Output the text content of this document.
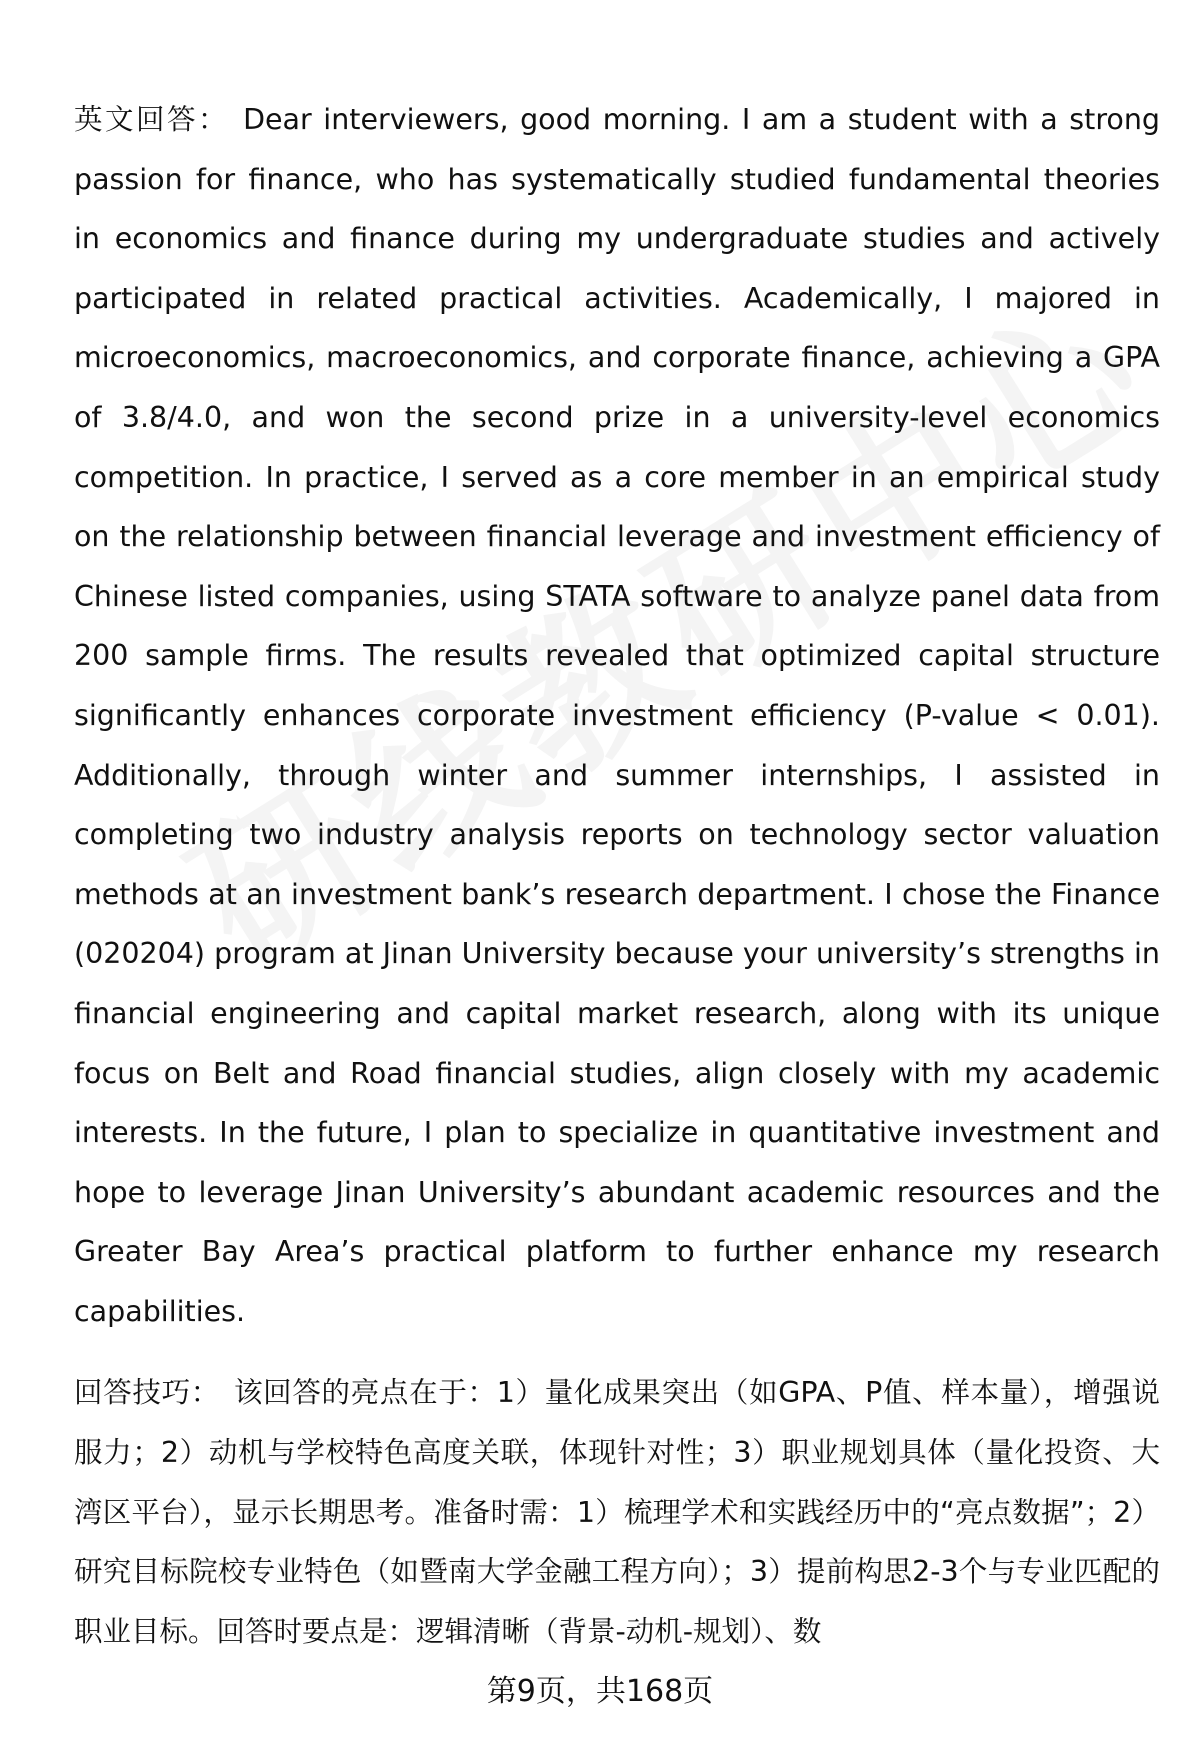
英文回答： Dear interviewers, good morning. I am a student with a strong passion for finance, who has systematically studied fundamental theories in economics and finance during my undergraduate studies and actively participated in related practical activities. Academically, I majored in microeconomics, macroeconomics, and corporate finance, achieving a GPA of 3.8/4.0, and won the second prize in a university-level economics competition. In practice, I served as a core member in an empirical study on the relationship between financial leverage and investment efficiency of Chinese listed companies, using STATA software to analyze panel data from 200 sample firms. The results revealed that optimized capital structure significantly enhances corporate investment efficiency (P-value < 0.01). Additionally, through winter and summer internships, I assisted in completing two industry analysis reports on technology sector valuation methods at an investment bank’s research department. I chose the Finance (020204) program at Jinan University because your university’s strengths in financial engineering and capital market research, along with its unique focus on Belt and Road financial studies, align closely with my academic interests. In the future, I plan to specialize in quantitative investment and hope to leverage Jinan University’s abundant academic resources and the Greater Bay Area’s practical platform to further enhance my research capabilities.

回答技巧： 该回答的亮点在于：1）量化成果突出（如GPA、P值、样本量），增强说服力；2）动机与学校特色高度关联，体现针对性；3）职业规划具体（量化投资、大湾区平台），显示长期思考。准备时需：1）梳理学术和实践经历中的“亮点数据”；2）研究目标院校专业特色（如暨南大学金融工程方向）；3）提前构思2-3个与专业匹配的职业目标。回答时要点是：逻辑清晰（背景-动机-规划）、数

第9页，共168页
